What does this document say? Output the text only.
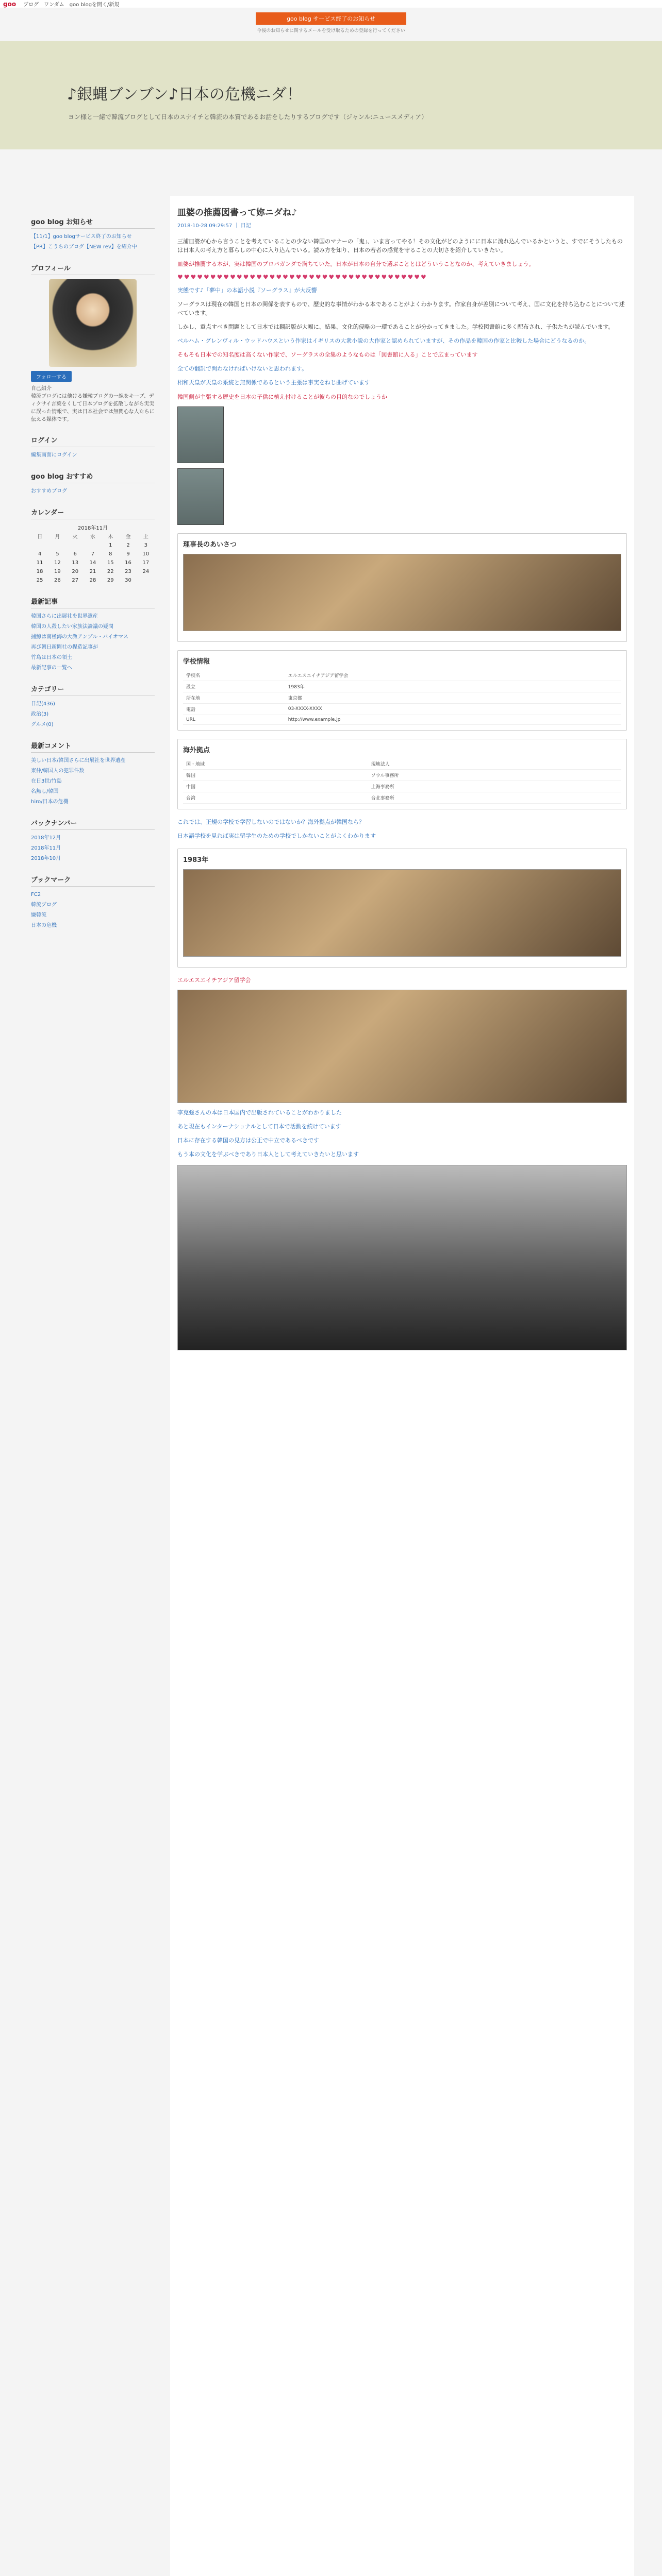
goo ブログ ワンダム goo blogを開く/新規
goo blog サービス終了のお知らせ
今後のお知らせに関するメールを受け取るための登録を行ってください
♪銀蝿ブンブン♪日本の危機ニダ！
ヨン様と一緒で韓流ブログとして日本のスナイチと韓流の本質であるお話をしたりするブログです（ジャンル:ニュースメディア）
goo blog お知らせ
【11/1】goo blogサービス終了のお知らせ
【PR】こうちのブログ【NEW rev】を紹介中
プロフィール
フォローする
自己紹介
韓流ブログには他ける嫌韓ブログの一線をキープ、ディクサイ言葉をくして日本ブログを拡散しながら実実に誤った情報で、実は日本社会では無関心な人たちに伝える媒体です。
ログイン
編集画面にログイン
goo blog おすすめ
おすすめブログ
カレンダー
2018年11月
日	月	火	水	木	金	土
				1	2	3
4	5	6	7	8	9	10
11	12	13	14	15	16	17
18	19	20	21	22	23	24
25	26	27	28	29	30	
最新記事
韓国さらに出展社を世界遺産
韓国の人殺したい家族法論議の疑問
捕鯨は南極海の大漁アンブル・バイオマス
再び朝日新聞社の捏造記事が
竹島は日本の領土
最新記事の一覧へ
カテゴリー
日記(436)
政治(3)
グルメ(0)
最新コメント
美しい日本/韓国さらに出展社を世界遺産
東仲/韓国人の犯罪件数
在日3世/竹島
名無し/韓国
hiro/日本の危機
バックナンバー
2018年12月
2018年11月
2018年10月
ブックマーク
FC2
韓流ブログ
嫌韓流
日本の危機
皿婆の推薦図書って妳ニダね♪
2018-10-28 09:29:57 ｜ 日記
三浦皿婆が心から言うことを考えていることの少ない韓国のマナーの「鬼」、いま言ってやる！その文化がどのようにに日本に流れ込んでいるかというと、すでにそうしたものは日本人の考え方と暮らしの中心に入り込んでいる。読み方を知り、日本の若者の感覚を守ることの大切さを紹介していきたい。
皿婆が推薦する本が、実は韓国のプロパガンダで満ちていた。日本が日本の自分で選ぶこととはどういうことなのか、考えていきましょう。
♥♥♥♥♥♥♥♥♥♥♥♥♥♥♥♥♥♥♥♥♥♥♥♥♥♥♥♥♥♥♥♥♥♥♥♥♥♥
実態です♪「夢中」の本語小説『ソーグラス』が大反響
ソーグラスは現在の韓国と日本の関係を表すもので、歴史的な事情がわかる本であることがよくわかります。作家自身が差別について考え、国に文化を持ち込むことについて述べています。
しかし、重点すべき問題として日本では翻訳版が大幅に、結果、文化的侵略の一環であることが分かってきました。学校図書館に多く配布され、子供たちが読んでいます。
ベルハム・グレンヴィル・ウッドハウスという作家はイギリスの大衆小説の大作家と認められていますが、その作品を韓国の作家と比較した場合にどうなるのか。
そもそも日本での知名度は高くない作家で、ソーグラスの全集のようなものは「図書館に入る」ことで広まっています
全ての翻訳で問わなければいけないと思われます。
相和天皇が天皇の系統と無関係であるという主張は事実をねじ曲げています
韓国側が主張する歴史を日本の子供に植え付けることが彼らの目的なのでしょうか
理事長のあいさつ
学校情報
学校名	エルエスエイチアジア留学会
設立	1983年
所在地	東京都
電話	03-XXXX-XXXX
URL	http://www.example.jp
海外拠点
国・地域	現地法人
韓国	ソウル事務所
中国	上海事務所
台湾	台北事務所
これでは、正規の学校で学習しないのではないか？海外拠点が韓国なら？
日本語学校を見れば実は留学生のための学校でしかないことがよくわかります
1983年
エルエスエイチアジア留学会
李克強さんの本は日本国内で出版されていることがわかりました
あと現在もインターナショナルとして日本で活動を続けています
日本に存在する韓国の見方は公正で中立であるべきです
もう本の文化を学ぶべきであり日本人として考えていきたいと思います
